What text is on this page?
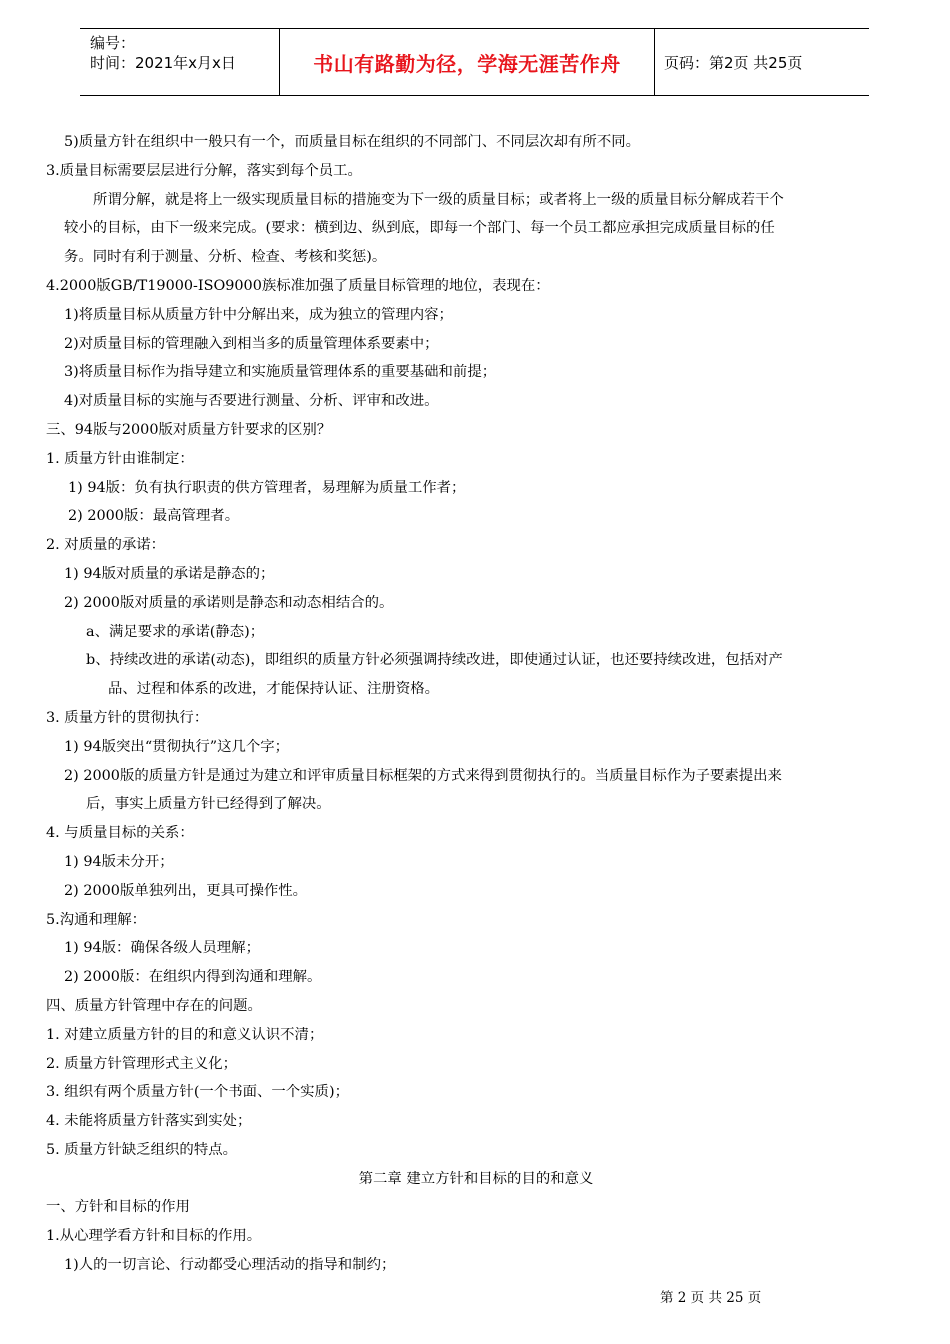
编号：
时间：2021年x月x日	书山有路勤为径，学海无涯苦作舟	页码：第2页 共25页
5)质量方针在组织中一般只有一个，而质量目标在组织的不同部门、不同层次却有所不同。
3.质量目标需要层层进行分解，落实到每个员工。
所谓分解，就是将上一级实现质量目标的措施变为下一级的质量目标；或者将上一级的质量目标分解成若干个
较小的目标，由下一级来完成。(要求：横到边、纵到底，即每一个部门、每一个员工都应承担完成质量目标的任
务。同时有利于测量、分析、检查、考核和奖惩)。
4.2000版GB/T19000-ISO9000族标准加强了质量目标管理的地位，表现在：
1)将质量目标从质量方针中分解出来，成为独立的管理内容；
2)对质量目标的管理融入到相当多的质量管理体系要素中；
3)将质量目标作为指导建立和实施质量管理体系的重要基础和前提；
4)对质量目标的实施与否要进行测量、分析、评审和改进。
三、94版与2000版对质量方针要求的区别？
1. 质量方针由谁制定：
1) 94版：负有执行职责的供方管理者，易理解为质量工作者；
2) 2000版：最高管理者。
2. 对质量的承诺：
1) 94版对质量的承诺是静态的；
2) 2000版对质量的承诺则是静态和动态相结合的。
a、满足要求的承诺(静态)；
b、持续改进的承诺(动态)，即组织的质量方针必须强调持续改进，即使通过认证，也还要持续改进，包括对产
品、过程和体系的改进，才能保持认证、注册资格。
3. 质量方针的贯彻执行：
1) 94版突出“贯彻执行”这几个字；
2) 2000版的质量方针是通过为建立和评审质量目标框架的方式来得到贯彻执行的。当质量目标作为子要素提出来
后，事实上质量方针已经得到了解决。
4. 与质量目标的关系：
1) 94版未分开；
2) 2000版单独列出，更具可操作性。
5.沟通和理解：
1) 94版：确保各级人员理解；
2) 2000版：在组织内得到沟通和理解。
四、质量方针管理中存在的问题。
1. 对建立质量方针的目的和意义认识不清；
2. 质量方针管理形式主义化；
3. 组织有两个质量方针(一个书面、一个实质)；
4. 未能将质量方针落实到实处；
5. 质量方针缺乏组织的特点。
第二章 建立方针和目标的目的和意义
一、方针和目标的作用
1.从心理学看方针和目标的作用。
1)人的一切言论、行动都受心理活动的指导和制约；
第 2 页 共 25 页
